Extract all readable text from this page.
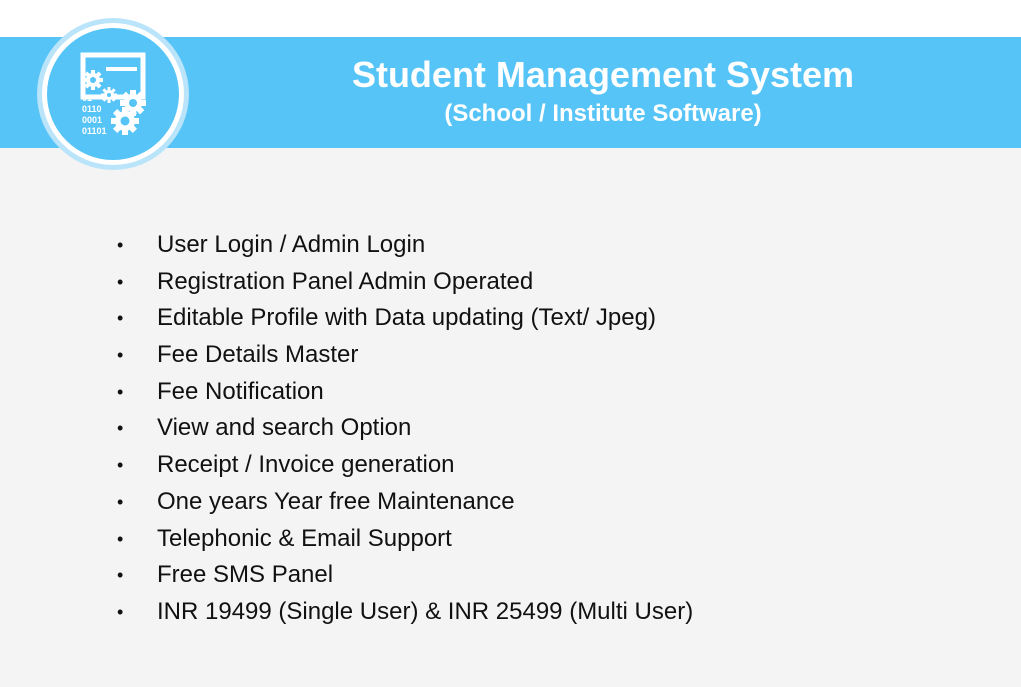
01
0110
0001
01101
Student Management System
(School / Institute Software)
• User Login / Admin Login
• Registration Panel Admin Operated
• Editable Profile with Data updating (Text/ Jpeg)
• Fee Details Master
• Fee Notification
• View and search Option
• Receipt / Invoice generation
• One years Year free Maintenance
• Telephonic & Email Support
• Free SMS Panel
• INR 19499 (Single User) & INR 25499 (Multi User)
